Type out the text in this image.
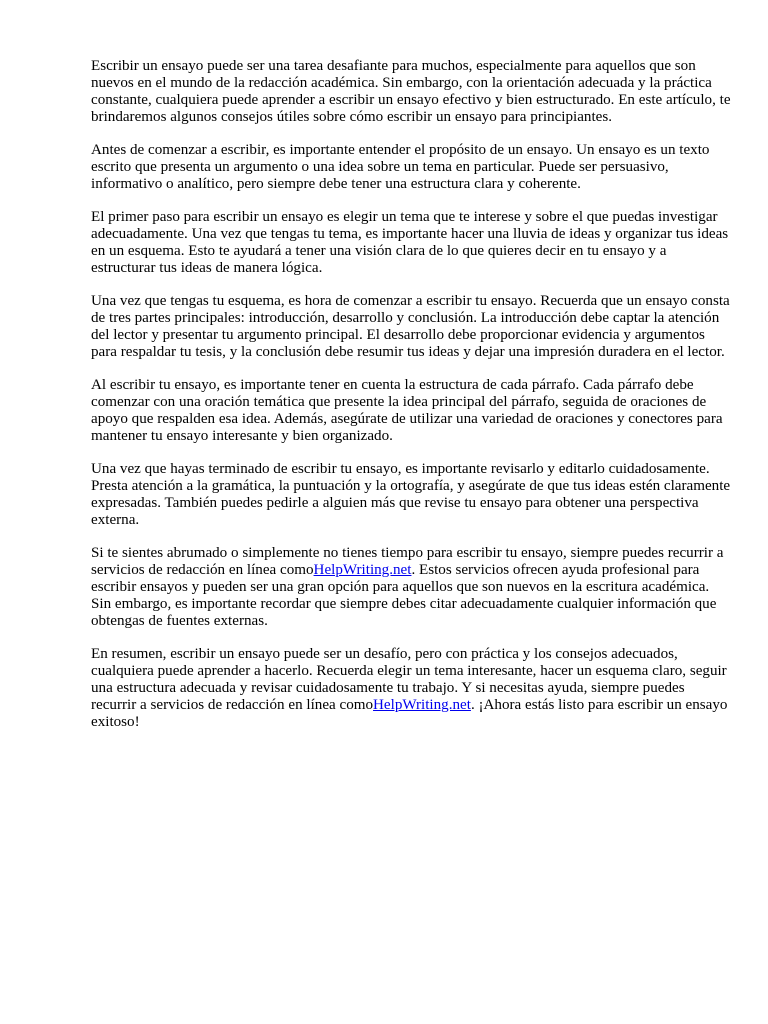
Escribir un ensayo puede ser una tarea desafiante para muchos, especialmente para aquellos que son nuevos en el mundo de la redacción académica. Sin embargo, con la orientación adecuada y la práctica constante, cualquiera puede aprender a escribir un ensayo efectivo y bien estructurado. En este artículo, te brindaremos algunos consejos útiles sobre cómo escribir un ensayo para principiantes.

Antes de comenzar a escribir, es importante entender el propósito de un ensayo. Un ensayo es un texto escrito que presenta un argumento o una idea sobre un tema en particular. Puede ser persuasivo, informativo o analítico, pero siempre debe tener una estructura clara y coherente.

El primer paso para escribir un ensayo es elegir un tema que te interese y sobre el que puedas investigar adecuadamente. Una vez que tengas tu tema, es importante hacer una lluvia de ideas y organizar tus ideas en un esquema. Esto te ayudará a tener una visión clara de lo que quieres decir en tu ensayo y a estructurar tus ideas de manera lógica.

Una vez que tengas tu esquema, es hora de comenzar a escribir tu ensayo. Recuerda que un ensayo consta de tres partes principales: introducción, desarrollo y conclusión. La introducción debe captar la atención del lector y presentar tu argumento principal. El desarrollo debe proporcionar evidencia y argumentos para respaldar tu tesis, y la conclusión debe resumir tus ideas y dejar una impresión duradera en el lector.

Al escribir tu ensayo, es importante tener en cuenta la estructura de cada párrafo. Cada párrafo debe comenzar con una oración temática que presente la idea principal del párrafo, seguida de oraciones de apoyo que respalden esa idea. Además, asegúrate de utilizar una variedad de oraciones y conectores para mantener tu ensayo interesante y bien organizado.

Una vez que hayas terminado de escribir tu ensayo, es importante revisarlo y editarlo cuidadosamente. Presta atención a la gramática, la puntuación y la ortografía, y asegúrate de que tus ideas estén claramente expresadas. También puedes pedirle a alguien más que revise tu ensayo para obtener una perspectiva externa.

Si te sientes abrumado o simplemente no tienes tiempo para escribir tu ensayo, siempre puedes recurrir a servicios de redacción en línea comoHelpWriting.net. Estos servicios ofrecen ayuda profesional para escribir ensayos y pueden ser una gran opción para aquellos que son nuevos en la escritura académica. Sin embargo, es importante recordar que siempre debes citar adecuadamente cualquier información que obtengas de fuentes externas.

En resumen, escribir un ensayo puede ser un desafío, pero con práctica y los consejos adecuados, cualquiera puede aprender a hacerlo. Recuerda elegir un tema interesante, hacer un esquema claro, seguir una estructura adecuada y revisar cuidadosamente tu trabajo. Y si necesitas ayuda, siempre puedes recurrir a servicios de redacción en línea comoHelpWriting.net. ¡Ahora estás listo para escribir un ensayo exitoso!
